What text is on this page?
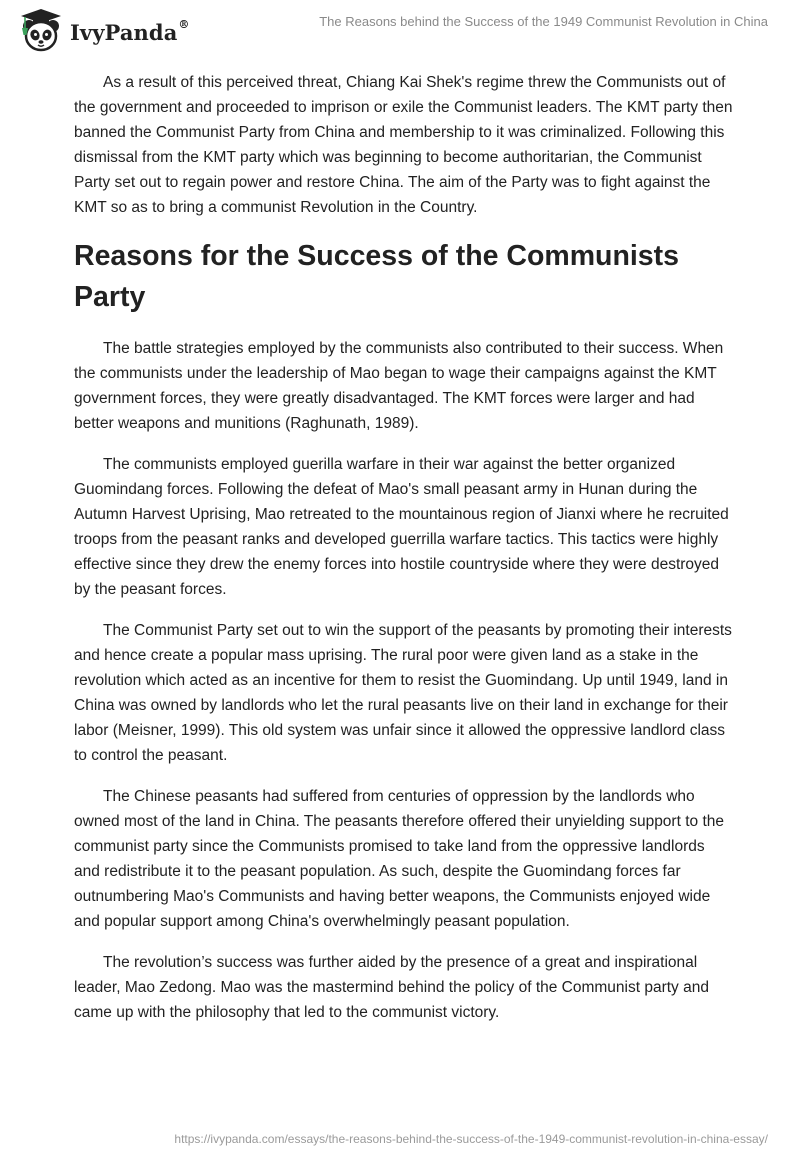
IvyPanda®	The Reasons behind the Success of the 1949 Communist Revolution in China

As a result of this perceived threat, Chiang Kai Shek's regime threw the Communists out of the government and proceeded to imprison or exile the Communist leaders. The KMT party then banned the Communist Party from China and membership to it was criminalized. Following this dismissal from the KMT party which was beginning to become authoritarian, the Communist Party set out to regain power and restore China. The aim of the Party was to fight against the KMT so as to bring a communist Revolution in the Country.

Reasons for the Success of the Communists Party

The battle strategies employed by the communists also contributed to their success. When the communists under the leadership of Mao began to wage their campaigns against the KMT government forces, they were greatly disadvantaged. The KMT forces were larger and had better weapons and munitions (Raghunath, 1989).

The communists employed guerilla warfare in their war against the better organized Guomindang forces. Following the defeat of Mao's small peasant army in Hunan during the Autumn Harvest Uprising, Mao retreated to the mountainous region of Jianxi where he recruited troops from the peasant ranks and developed guerrilla warfare tactics. This tactics were highly effective since they drew the enemy forces into hostile countryside where they were destroyed by the peasant forces.

The Communist Party set out to win the support of the peasants by promoting their interests and hence create a popular mass uprising. The rural poor were given land as a stake in the revolution which acted as an incentive for them to resist the Guomindang. Up until 1949, land in China was owned by landlords who let the rural peasants live on their land in exchange for their labor (Meisner, 1999). This old system was unfair since it allowed the oppressive landlord class to control the peasant.

The Chinese peasants had suffered from centuries of oppression by the landlords who owned most of the land in China. The peasants therefore offered their unyielding support to the communist party since the Communists promised to take land from the oppressive landlords and redistribute it to the peasant population. As such, despite the Guomindang forces far outnumbering Mao's Communists and having better weapons, the Communists enjoyed wide and popular support among China's overwhelmingly peasant population.

The revolution’s success was further aided by the presence of a great and inspirational leader, Mao Zedong. Mao was the mastermind behind the policy of the Communist party and came up with the philosophy that led to the communist victory.

https://ivypanda.com/essays/the-reasons-behind-the-success-of-the-1949-communist-revolution-in-china-essay/
